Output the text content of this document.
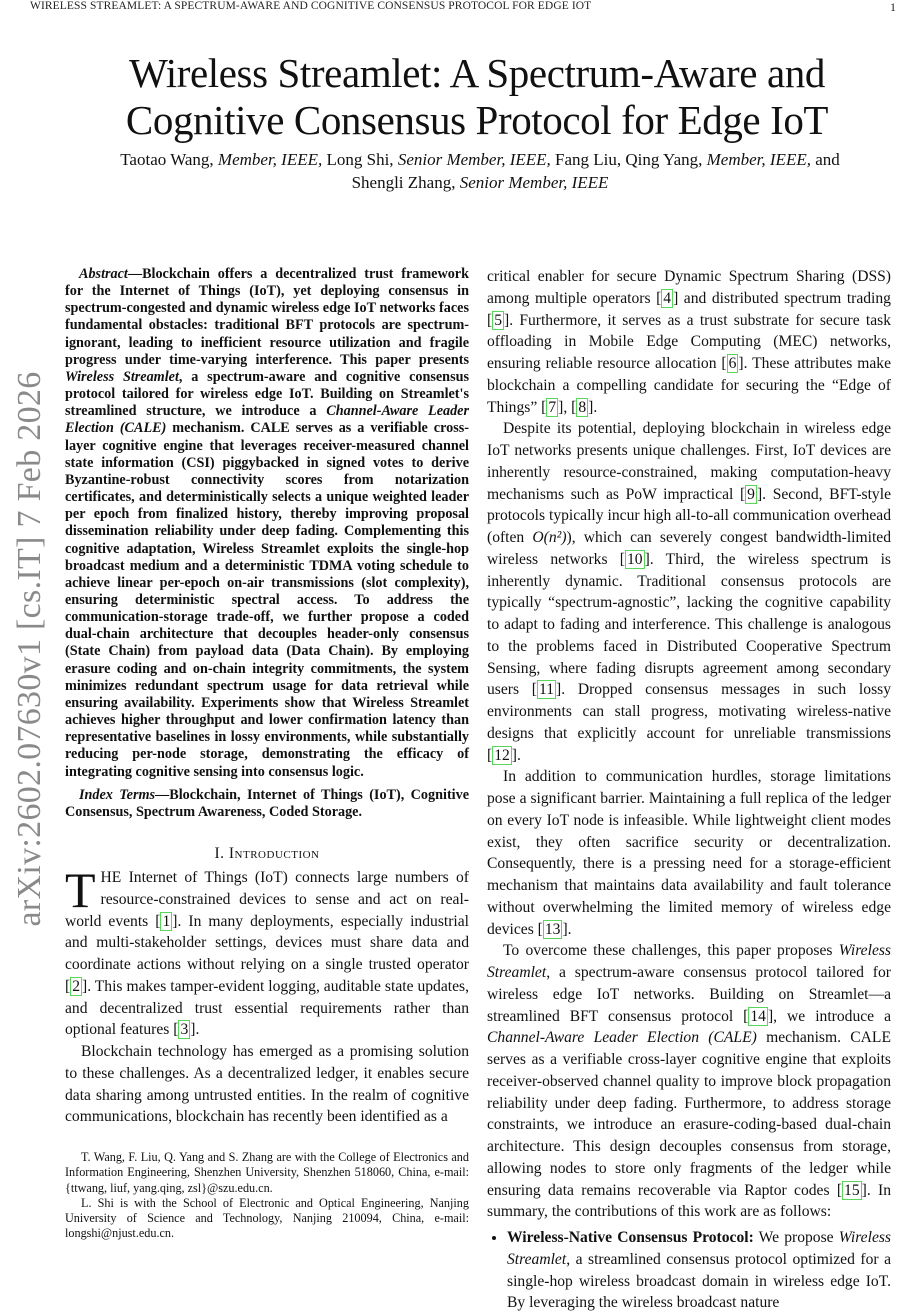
WIRELESS STREAMLET: A SPECTRUM-AWARE AND COGNITIVE CONSENSUS PROTOCOL FOR EDGE IOT	1
arXiv:2602.07630v1 [cs.IT] 7 Feb 2026
Wireless Streamlet: A Spectrum-Aware and Cognitive Consensus Protocol for Edge IoT
Taotao Wang, Member, IEEE, Long Shi, Senior Member, IEEE, Fang Liu, Qing Yang, Member, IEEE, and Shengli Zhang, Senior Member, IEEE
Abstract—Blockchain offers a decentralized trust framework for the Internet of Things (IoT), yet deploying consensus in spectrum-congested and dynamic wireless edge IoT networks faces fundamental obstacles: traditional BFT protocols are spectrum-ignorant, leading to inefficient resource utilization and fragile progress under time-varying interference. This paper presents Wireless Streamlet, a spectrum-aware and cognitive consensus protocol tailored for wireless edge IoT. Building on Streamlet's streamlined structure, we introduce a Channel-Aware Leader Election (CALE) mechanism. CALE serves as a verifiable cross-layer cognitive engine that leverages receiver-measured channel state information (CSI) piggybacked in signed votes to derive Byzantine-robust connectivity scores from notarization certificates, and deterministically selects a unique weighted leader per epoch from finalized history, thereby improving proposal dissemination reliability under deep fading. Complementing this cognitive adaptation, Wireless Streamlet exploits the single-hop broadcast medium and a deterministic TDMA voting schedule to achieve linear per-epoch on-air transmissions (slot complexity), ensuring deterministic spectral access. To address the communication-storage trade-off, we further propose a coded dual-chain architecture that decouples header-only consensus (State Chain) from payload data (Data Chain). By employing erasure coding and on-chain integrity commitments, the system minimizes redundant spectrum usage for data retrieval while ensuring availability. Experiments show that Wireless Streamlet achieves higher throughput and lower confirmation latency than representative baselines in lossy environments, while substantially reducing per-node storage, demonstrating the efficacy of integrating cognitive sensing into consensus logic.
Index Terms—Blockchain, Internet of Things (IoT), Cognitive Consensus, Spectrum Awareness, Coded Storage.
I. Introduction

THE Internet of Things (IoT) connects large numbers of resource-constrained devices to sense and act on real-world events [ 1 ]. In many deployments, especially industrial and multi-stakeholder settings, devices must share data and coordinate actions without relying on a single trusted operator [ 2 ]. This makes tamper-evident logging, auditable state updates, and decentralized trust essential requirements rather than optional features [ 3 ].

Blockchain technology has emerged as a promising solution to these challenges. As a decentralized ledger, it enables secure data sharing among untrusted entities. In the realm of cognitive communications, blockchain has recently been identified as a

T. Wang, F. Liu, Q. Yang and S. Zhang are with the College of Electronics and Information Engineering, Shenzhen University, Shenzhen 518060, China, e-mail: {ttwang, liuf, yang.qing, zsl}@szu.edu.cn.

L. Shi is with the School of Electronic and Optical Engineering, Nanjing University of Science and Technology, Nanjing 210094, China, e-mail: longshi@njust.edu.cn.

critical enabler for secure Dynamic Spectrum Sharing (DSS) among multiple operators [ 4 ] and distributed spectrum trading [ 5 ]. Furthermore, it serves as a trust substrate for secure task offloading in Mobile Edge Computing (MEC) networks, ensuring reliable resource allocation [ 6 ]. These attributes make blockchain a compelling candidate for securing the “Edge of Things” [ 7 ], [ 8 ].

Despite its potential, deploying blockchain in wireless edge IoT networks presents unique challenges. First, IoT devices are inherently resource-constrained, making computation-heavy mechanisms such as PoW impractical [ 9 ]. Second, BFT-style protocols typically incur high all-to-all communication overhead (often O(n²)), which can severely congest bandwidth-limited wireless networks [ 10 ]. Third, the wireless spectrum is inherently dynamic. Traditional consensus protocols are typically “spectrum-agnostic”, lacking the cognitive capability to adapt to fading and interference. This challenge is analogous to the problems faced in Distributed Cooperative Spectrum Sensing, where fading disrupts agreement among secondary users [ 11 ]. Dropped consensus messages in such lossy environments can stall progress, motivating wireless-native designs that explicitly account for unreliable transmissions [ 12 ].

In addition to communication hurdles, storage limitations pose a significant barrier. Maintaining a full replica of the ledger on every IoT node is infeasible. While lightweight client modes exist, they often sacrifice security or decentralization. Consequently, there is a pressing need for a storage-efficient mechanism that maintains data availability and fault tolerance without overwhelming the limited memory of wireless edge devices [ 13 ].

To overcome these challenges, this paper proposes Wireless Streamlet, a spectrum-aware consensus protocol tailored for wireless edge IoT networks. Building on Streamlet—a streamlined BFT consensus protocol [ 14 ], we introduce a Channel-Aware Leader Election (CALE) mechanism. CALE serves as a verifiable cross-layer cognitive engine that exploits receiver-observed channel quality to improve block propagation reliability under deep fading. Furthermore, to address storage constraints, we introduce an erasure-coding-based dual-chain architecture. This design decouples consensus from storage, allowing nodes to store only fragments of the ledger while ensuring data remains recoverable via Raptor codes [ 15 ]. In summary, the contributions of this work are as follows:

• Wireless-Native Consensus Protocol: We propose Wireless Streamlet, a streamlined consensus protocol optimized for a single-hop wireless broadcast domain in wireless edge IoT. By leveraging the wireless broadcast nature
